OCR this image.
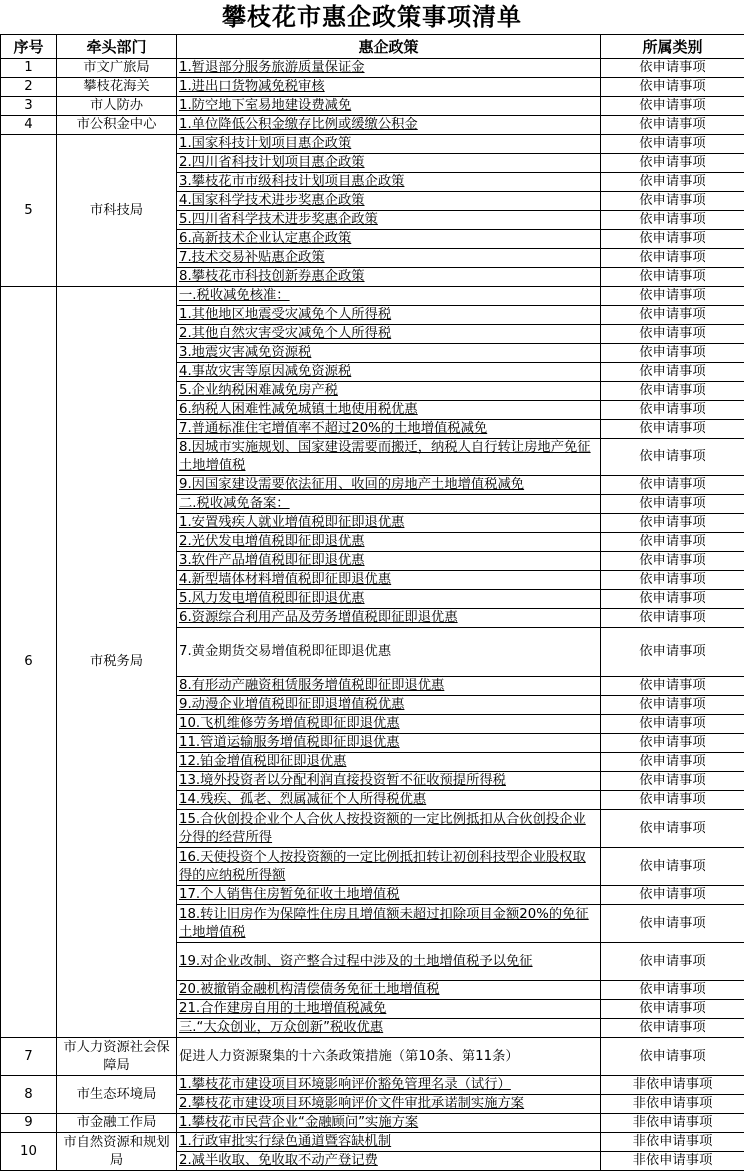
攀枝花市惠企政策事项清单
序号	牵头部门	惠企政策	所属类别
1	市文广旅局	1.暂退部分服务旅游质量保证金	依申请事项
2	攀枝花海关	1.进出口货物减免税审核	依申请事项
3	市人防办	1.防空地下室易地建设费减免	依申请事项
4	市公积金中心	1.单位降低公积金缴存比例或缓缴公积金	依申请事项
5	市科技局	1.国家科技计划项目惠企政策	依申请事项
		2.四川省科技计划项目惠企政策	依申请事项
		3.攀枝花市市级科技计划项目惠企政策	依申请事项
		4.国家科学技术进步奖惠企政策	依申请事项
		5.四川省科学技术进步奖惠企政策	依申请事项
		6.高新技术企业认定惠企政策	依申请事项
		7.技术交易补贴惠企政策	依申请事项
		8.攀枝花市科技创新券惠企政策	依申请事项
6	市税务局	一.税收减免核准：	依申请事项
		1.其他地区地震受灾减免个人所得税	依申请事项
		2.其他自然灾害受灾减免个人所得税	依申请事项
		3.地震灾害减免资源税	依申请事项
		4.事故灾害等原因减免资源税	依申请事项
		5.企业纳税困难减免房产税	依申请事项
		6.纳税人困难性减免城镇土地使用税优惠	依申请事项
		7.普通标准住宅增值率不超过20%的土地增值税减免	依申请事项
		8.因城市实施规划、国家建设需要而搬迁，纳税人自行转让房地产免征土地增值税	依申请事项
		9.因国家建设需要依法征用、收回的房地产土地增值税减免	依申请事项
		二.税收减免备案：	依申请事项
		1.安置残疾人就业增值税即征即退优惠	依申请事项
		2.光伏发电增值税即征即退优惠	依申请事项
		3.软件产品增值税即征即退优惠	依申请事项
		4.新型墙体材料增值税即征即退优惠	依申请事项
		5.风力发电增值税即征即退优惠	依申请事项
		6.资源综合利用产品及劳务增值税即征即退优惠	依申请事项
		7.黄金期货交易增值税即征即退优惠	依申请事项
		8.有形动产融资租赁服务增值税即征即退优惠	依申请事项
		9.动漫企业增值税即征即退增值税优惠	依申请事项
		10.飞机维修劳务增值税即征即退优惠	依申请事项
		11.管道运输服务增值税即征即退优惠	依申请事项
		12.铂金增值税即征即退优惠	依申请事项
		13.境外投资者以分配利润直接投资暂不征收预提所得税	依申请事项
		14.残疾、孤老、烈属减征个人所得税优惠	依申请事项
		15.合伙创投企业个人合伙人按投资额的一定比例抵扣从合伙创投企业分得的经营所得	依申请事项
		16.天使投资个人按投资额的一定比例抵扣转让初创科技型企业股权取得的应纳税所得额	依申请事项
		17.个人销售住房暂免征收土地增值税	依申请事项
		18.转让旧房作为保障性住房且增值额未超过扣除项目金额20%的免征土地增值税	依申请事项
		19.对企业改制、资产整合过程中涉及的土地增值税予以免征	依申请事项
		20.被撤销金融机构清偿债务免征土地增值税	依申请事项
		21.合作建房自用的土地增值税减免	依申请事项
		三.“大众创业，万众创新”税收优惠	依申请事项
7	市人力资源社会保障局	促进人力资源聚集的十六条政策措施（第10条、第11条）	依申请事项
8	市生态环境局	1.攀枝花市建设项目环境影响评价豁免管理名录（试行）	非依申请事项
		2.攀枝花市建设项目环境影响评价文件审批承诺制实施方案	非依申请事项
9	市金融工作局	1.攀枝花市民营企业“金融顾问”实施方案	非依申请事项
10	市自然资源和规划局	1.行政审批实行绿色通道暨容缺机制	非依申请事项
		2.减半收取、免收取不动产登记费	非依申请事项
